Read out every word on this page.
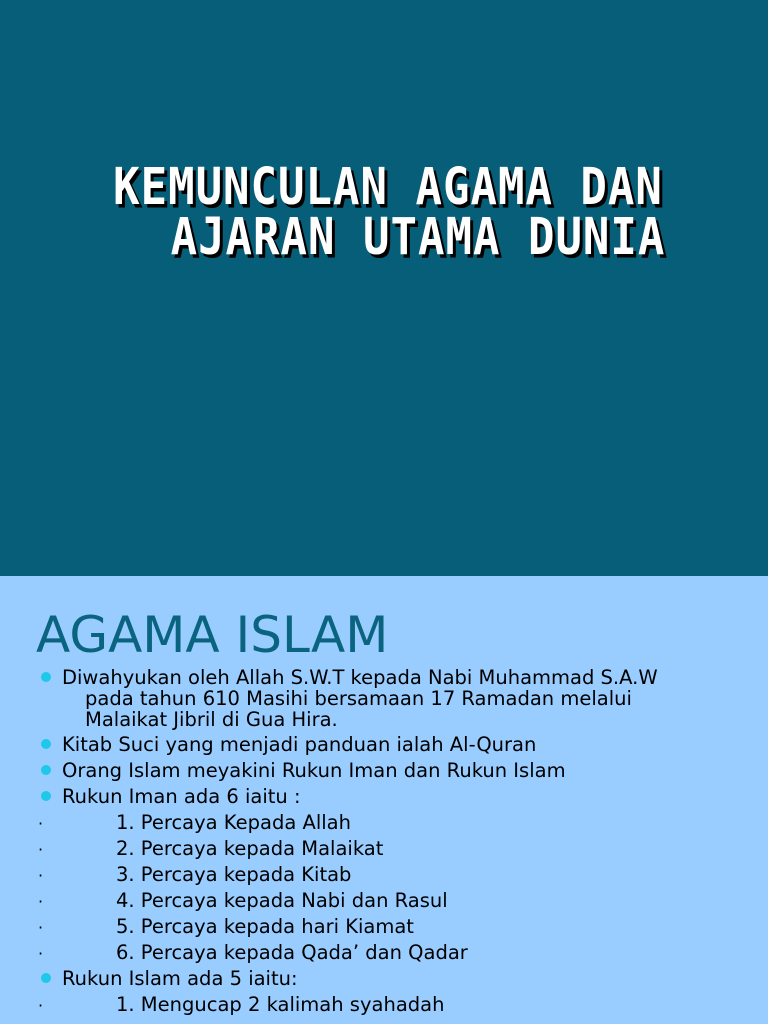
KEMUNCULAN AGAMA DAN
AJARAN UTAMA DUNIA
AGAMA ISLAM
Diwahyukan oleh Allah S.W.T kepada Nabi Muhammad S.A.W
pada tahun 610 Masihi bersamaan 17 Ramadan melalui
Malaikat Jibril di Gua Hira.
Kitab Suci yang menjadi panduan ialah Al-Quran
Orang Islam meyakini Rukun Iman dan Rukun Islam
Rukun Iman ada 6 iaitu :
·	1. Percaya Kepada Allah
·	2. Percaya kepada Malaikat
·	3. Percaya kepada Kitab
·	4. Percaya kepada Nabi dan Rasul
·	5. Percaya kepada hari Kiamat
·	6. Percaya kepada Qada’ dan Qadar
Rukun Islam ada 5 iaitu:
·	1. Mengucap 2 kalimah syahadah
